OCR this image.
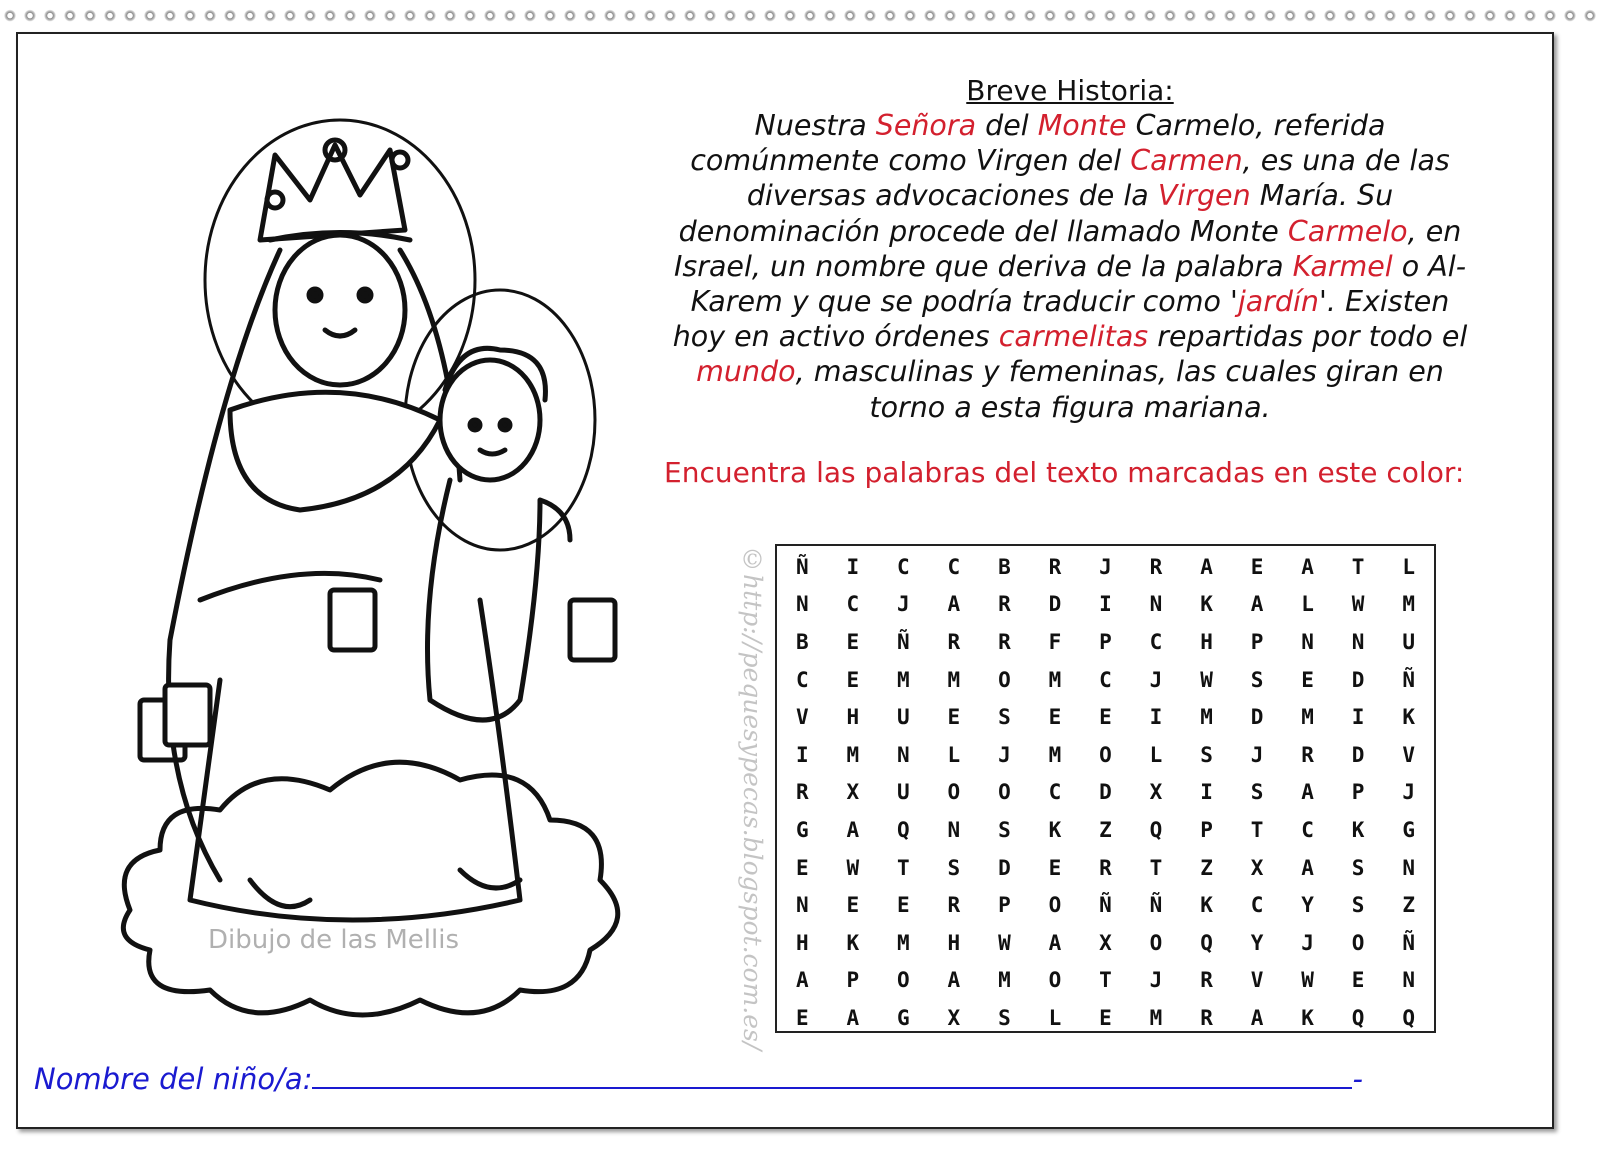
Dibujo de las Mellis
Breve Historia:
Nuestra Señora del Monte Carmelo, referida
comúnmente como Virgen del Carmen, es una de las
diversas advocaciones de la Virgen María. Su
denominación procede del llamado Monte Carmelo, en
Israel, un nombre que deriva de la palabra Karmel o Al-
Karem y que se podría traducir como 'jardín'. Existen
hoy en activo órdenes carmelitas repartidas por todo el
mundo, masculinas y femeninas, las cuales giran en
torno a esta figura mariana.
Encuentra las palabras del texto marcadas en este color:
©http://pequesypecas.blogspot.com.es/ Ñ	I	C	C	B	R	J	R	A	E	A	T	L
N	C	J	A	R	D	I	N	K	A	L	W	M
B	E	Ñ	R	R	F	P	C	H	P	N	N	U
C	E	M	M	O	M	C	J	W	S	E	D	Ñ
V	H	U	E	S	E	E	I	M	D	M	I	K
I	M	N	L	J	M	O	L	S	J	R	D	V
R	X	U	O	O	C	D	X	I	S	A	P	J
G	A	Q	N	S	K	Z	Q	P	T	C	K	G
E	W	T	S	D	E	R	T	Z	X	A	S	N
N	E	E	R	P	O	Ñ	Ñ	K	C	Y	S	Z
H	K	M	H	W	A	X	O	Q	Y	J	O	Ñ
A	P	O	A	M	O	T	J	R	V	W	E	N
E	A	G	X	S	L	E	M	R	A	K	Q	Q
Nombre del niño/a:	-
